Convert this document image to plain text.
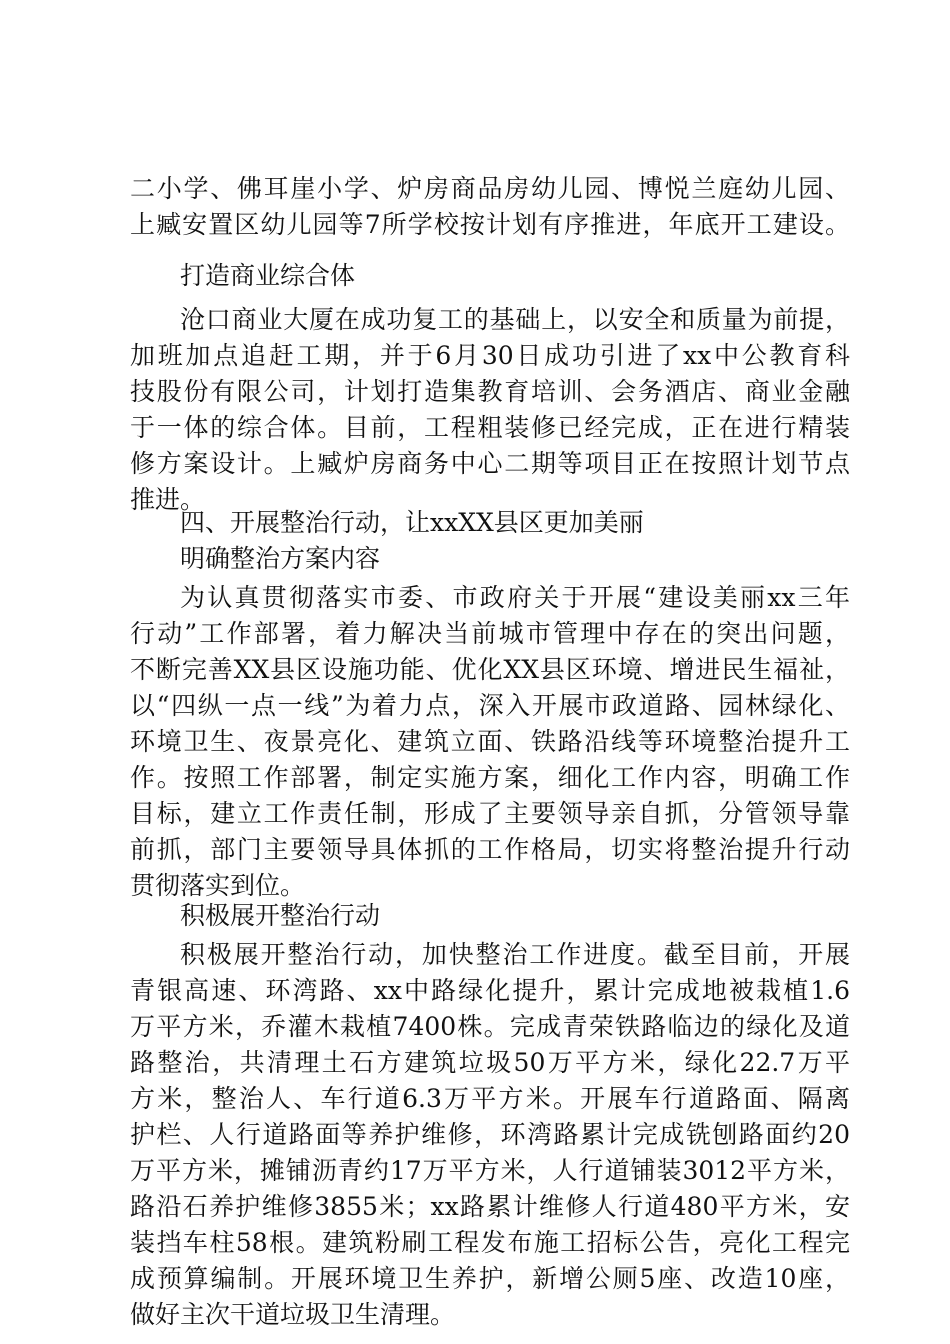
二小学、佛耳崖小学、炉房商品房幼儿园、博悦兰庭幼儿园、
上臧安置区幼儿园等7所学校按计划有序推进，年底开工建设。
打造商业综合体
沧口商业大厦在成功复工的基础上，以安全和质量为前提，
加班加点追赶工期，并于6月30日成功引进了xx中公教育科
技股份有限公司，计划打造集教育培训、会务酒店、商业金融
于一体的综合体。目前，工程粗装修已经完成，正在进行精装
修方案设计。上臧炉房商务中心二期等项目正在按照计划节点
推进。
四、开展整治行动，让xxXX县区更加美丽
明确整治方案内容
为认真贯彻落实市委、市政府关于开展“建设美丽xx三年
行动”工作部署，着力解决当前城市管理中存在的突出问题，
不断完善XX县区设施功能、优化XX县区环境、增进民生福祉，
以“四纵一点一线”为着力点，深入开展市政道路、园林绿化、
环境卫生、夜景亮化、建筑立面、铁路沿线等环境整治提升工
作。按照工作部署，制定实施方案，细化工作内容，明确工作
目标，建立工作责任制，形成了主要领导亲自抓，分管领导靠
前抓，部门主要领导具体抓的工作格局，切实将整治提升行动
贯彻落实到位。
积极展开整治行动
积极展开整治行动，加快整治工作进度。截至目前，开展
青银高速、环湾路、xx中路绿化提升，累计完成地被栽植1.6
万平方米，乔灌木栽植7400株。完成青荣铁路临边的绿化及道
路整治，共清理土石方建筑垃圾50万平方米，绿化22.7万平
方米，整治人、车行道6.3万平方米。开展车行道路面、隔离
护栏、人行道路面等养护维修，环湾路累计完成铣刨路面约20
万平方米，摊铺沥青约17万平方米，人行道铺装3012平方米，
路沿石养护维修3855米；xx路累计维修人行道480平方米，安
装挡车柱58根。建筑粉刷工程发布施工招标公告，亮化工程完
成预算编制。开展环境卫生养护，新增公厕5座、改造10座，
做好主次干道垃圾卫生清理。
